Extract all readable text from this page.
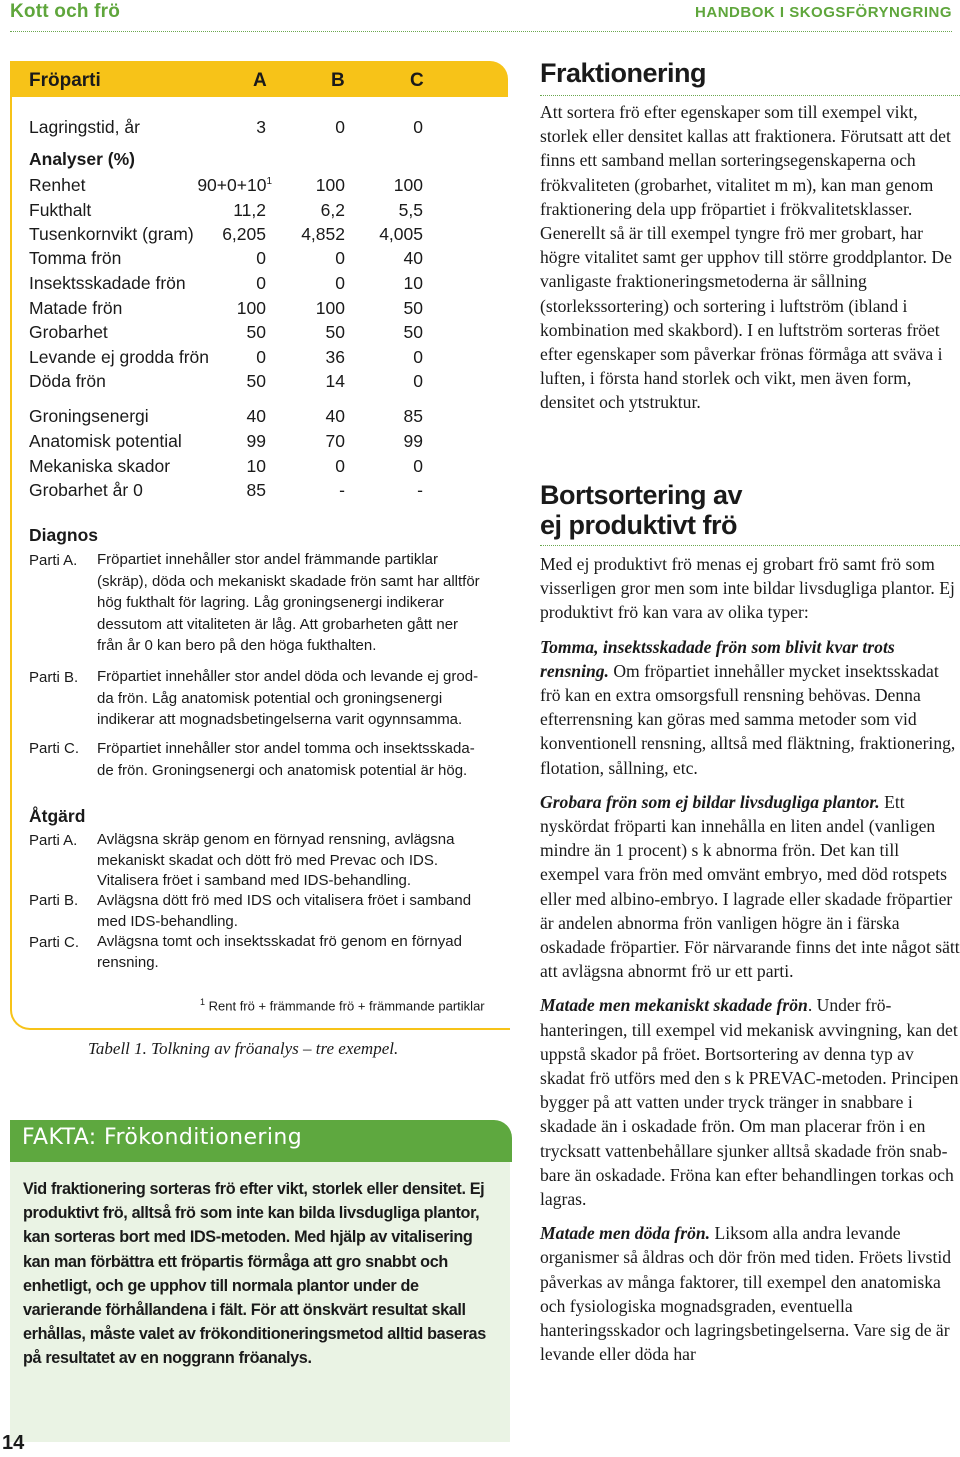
Kott och frö	HANDBOK I SKOGSFÖRYNGRING
Fröparti	A	B	C
Lagringstid, år	3	0	0
Renhet	$90+0+10^1$	100	100
Fukthalt	11,2	6,2	5,5
Tusenkornvikt (gram)	6,205	4,852	4,005
Tomma frön	0	0	40
Insektsskadade frön	0	0	10
Matade frön	100	100	50
Grobarhet	50	50	50
Levande ej grodda frön	0	36	0
Döda frön	50	14	0
Groningsenergi	40	40	85
Anatomisk potential	99	70	99
Mekaniska skador	10	0	0
Grobarhet år 0	85	-	-
Analyser (%)
Diagnos
Parti A. Fröpartiet innehåller stor andel främmande partiklar (skräp), döda och mekaniskt skadade frön samt har alltför hög fukthalt för lagring. Låg groningsenergi indikerar dessutom att vitaliteten är låg. Att grobarheten gått ner från år 0 kan bero på den höga fukthalten.
Parti B. Fröpartiet innehåller stor andel döda och levande ej grodda frön. Låg anatomisk potential och groningsenergi indikerar att mognadsbetingelserna varit ogynnsamma.
Parti C. Fröpartiet innehåller stor andel tomma och insektsskadade frön. Groningsenergi och anatomisk potential är hög.
Åtgärd
Parti A. Avlägsna skräp genom en förnyad rensning, avlägsna mekaniskt skadat och dött frö med Prevac och IDS. Vitalisera fröet i samband med IDS-behandling.
Parti B. Avlägsna dött frö med IDS och vitalisera fröet i samband med IDS-behandling.
Parti C. Avlägsna tomt och insektsskadat frö genom en förnyad rensning.
$^1$ Rent frö + främmande frö + främmande partiklar
Tabell 1. Tolkning av fröanalys – tre exempel.
FAKTA: Frökonditionering
Vid fraktionering sorteras frö efter vikt, storlek eller densitet. Ej produktivt frö, alltså frö som inte kan bilda livsdugliga plantor, kan sorteras bort med IDS-metoden. Med hjälp av vitalisering kan man förbättra ett fröpartis förmåga att gro snabbt och enhetligt, och ge upphov till normala plantor under de varierande förhållandena i fält. För att önskvärt resultat skall erhållas, måste valet av frökonditioneringsmetod alltid baseras på resultatet av en noggrann fröanalys.
14
Fraktionering

Att sortera frö efter egenskaper som till exempel vikt, storlek eller densitet kallas att fraktionera. Förutsatt att det finns ett samband mellan sorteringsegenskaperna och frökvaliteten (grobarhet, vitalitet m m), kan man genom fraktionering dela upp fröpartiet i frökvalitetsklasser. Generellt så är till exempel tyngre frö mer grobart, har högre vitalitet samt ger upphov till större groddplantor. De vanligaste fraktioneringsmetoderna är sållning (storlekssortering) och sortering i luftström (ibland i kombination med skakbord). I en luftström sorteras fröet efter egenskaper som påverkar frönas förmåga att sväva i luften, i första hand storlek och vikt, men även form, densitet och ytstruktur.

Bortsortering av
ej produktivt frö

Med ej produktivt frö menas ej grobart frö samt frö som visserligen gror men som inte bildar livsdugliga plantor. Ej produktivt frö kan vara av olika typer:

Tomma, insektsskadade frön som blivit kvar trots rensning. Om fröpartiet innehåller mycket insektsskadat frö kan en extra omsorgsfull rensning behövas. Denna efterrensning kan göras med samma metoder som vid konventionell rensning, alltså med fläktning, fraktionering, flotation, sållning, etc.

Grobara frön som ej bildar livsdugliga plantor. Ett nyskördat fröparti kan innehålla en liten andel (vanligen mindre än 1 procent) s k abnorma frön. Det kan till exempel vara frön med omvänt embryo, med död rotspets eller med albino-embryo. I lagrade eller skadade fröpartier är andelen abnorma frön vanligen högre än i färska oskadade fröpartier. För närvarande finns det inte något sätt att avlägsna abnormt frö ur ett parti.

Matade men mekaniskt skadade frön. Under fröhanteringen, till exempel vid mekanisk avvingning, kan det uppstå skador på fröet. Bortsortering av denna typ av skadat frö utförs med den s k PREVAC-metoden. Principen bygger på att vatten under tryck tränger in snabbare i skadade än i oskadade frön. Om man placerar frön i en trycksatt vattenbehållare sjunker alltså skadade frön snabbare än oskadade. Fröna kan efter behandlingen torkas och lagras.

Matade men döda frön. Liksom alla andra levande organismer så åldras och dör frön med tiden. Fröets livstid påverkas av många faktorer, till exempel den anatomiska och fysiologiska mognadsgraden, eventuella hanteringsskador och lagringsbetingelserna. Vare sig de är levande eller döda har
